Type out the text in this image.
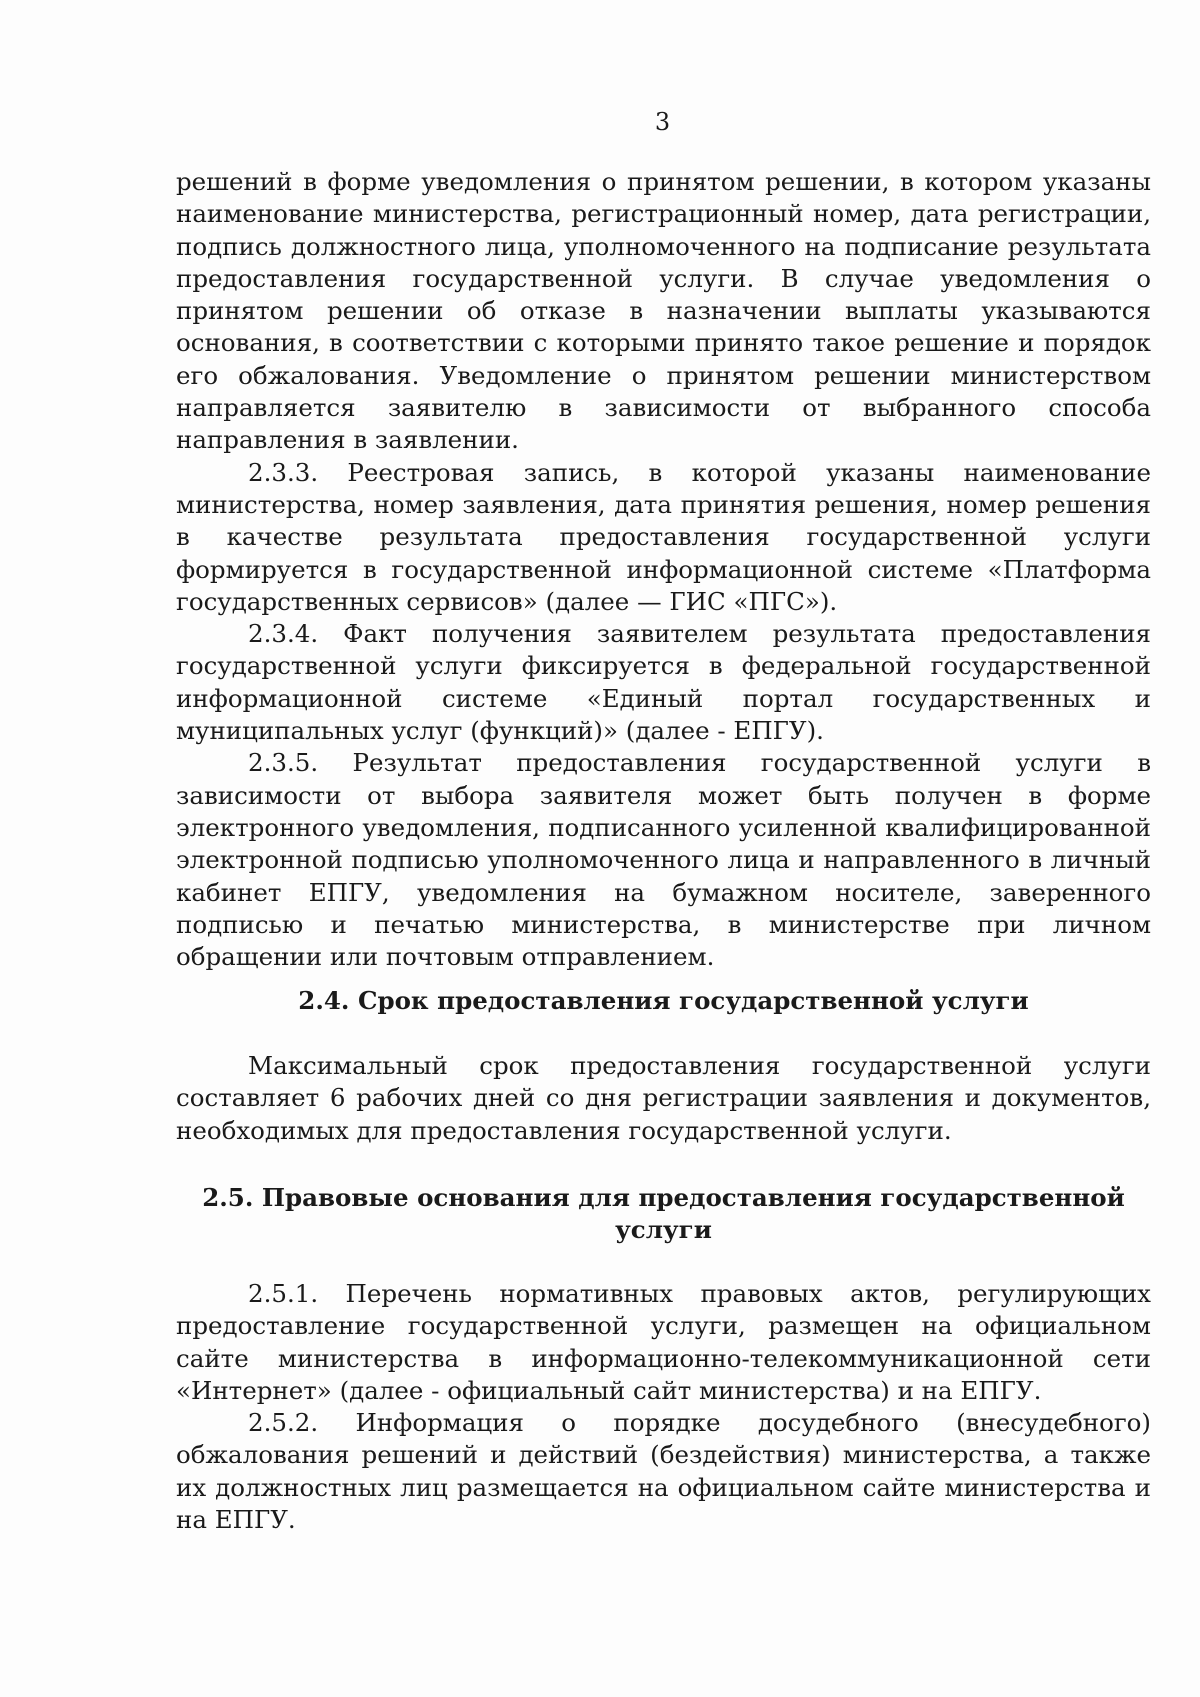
3

решений в форме уведомления о принятом решении, в котором указаны наименование министерства, регистрационный номер, дата регистрации, подпись должностного лица, уполномоченного на подписание результата предоставления государственной услуги. В случае уведомления о принятом решении об отказе в назначении выплаты указываются основания, в соответствии с которыми принято такое решение и порядок его обжалования. Уведомление о принятом решении министерством направляется заявителю в зависимости от выбранного способа направления в заявлении.

2.3.3. Реестровая запись, в которой указаны наименование министерства, номер заявления, дата принятия решения, номер решения в качестве результата предоставления государственной услуги формируется в государственной информационной системе «Платформа государственных сервисов» (далее — ГИС «ПГС»).

2.3.4. Факт получения заявителем результата предоставления государственной услуги фиксируется в федеральной государственной информационной системе «Единый портал государственных и муниципальных услуг (функций)» (далее - ЕПГУ).

2.3.5. Результат предоставления государственной услуги в зависимости от выбора заявителя может быть получен в форме электронного уведомления, подписанного усиленной квалифицированной электронной подписью уполномоченного лица и направленного в личный кабинет ЕПГУ, уведомления на бумажном носителе, заверенного подписью и печатью министерства, в министерстве при личном обращении или почтовым отправлением.

2.4. Срок предоставления государственной услуги

Максимальный срок предоставления государственной услуги составляет 6 рабочих дней со дня регистрации заявления и документов, необходимых для предоставления государственной услуги.

2.5. Правовые основания для предоставления государственной
услуги

2.5.1. Перечень нормативных правовых актов, регулирующих предоставление государственной услуги, размещен на официальном сайте министерства в информационно-телекоммуникационной сети «Интернет» (далее - официальный сайт министерства) и на ЕПГУ.

2.5.2. Информация о порядке досудебного (внесудебного) обжалования решений и действий (бездействия) министерства, а также их должностных лиц размещается на официальном сайте министерства и на ЕПГУ.
